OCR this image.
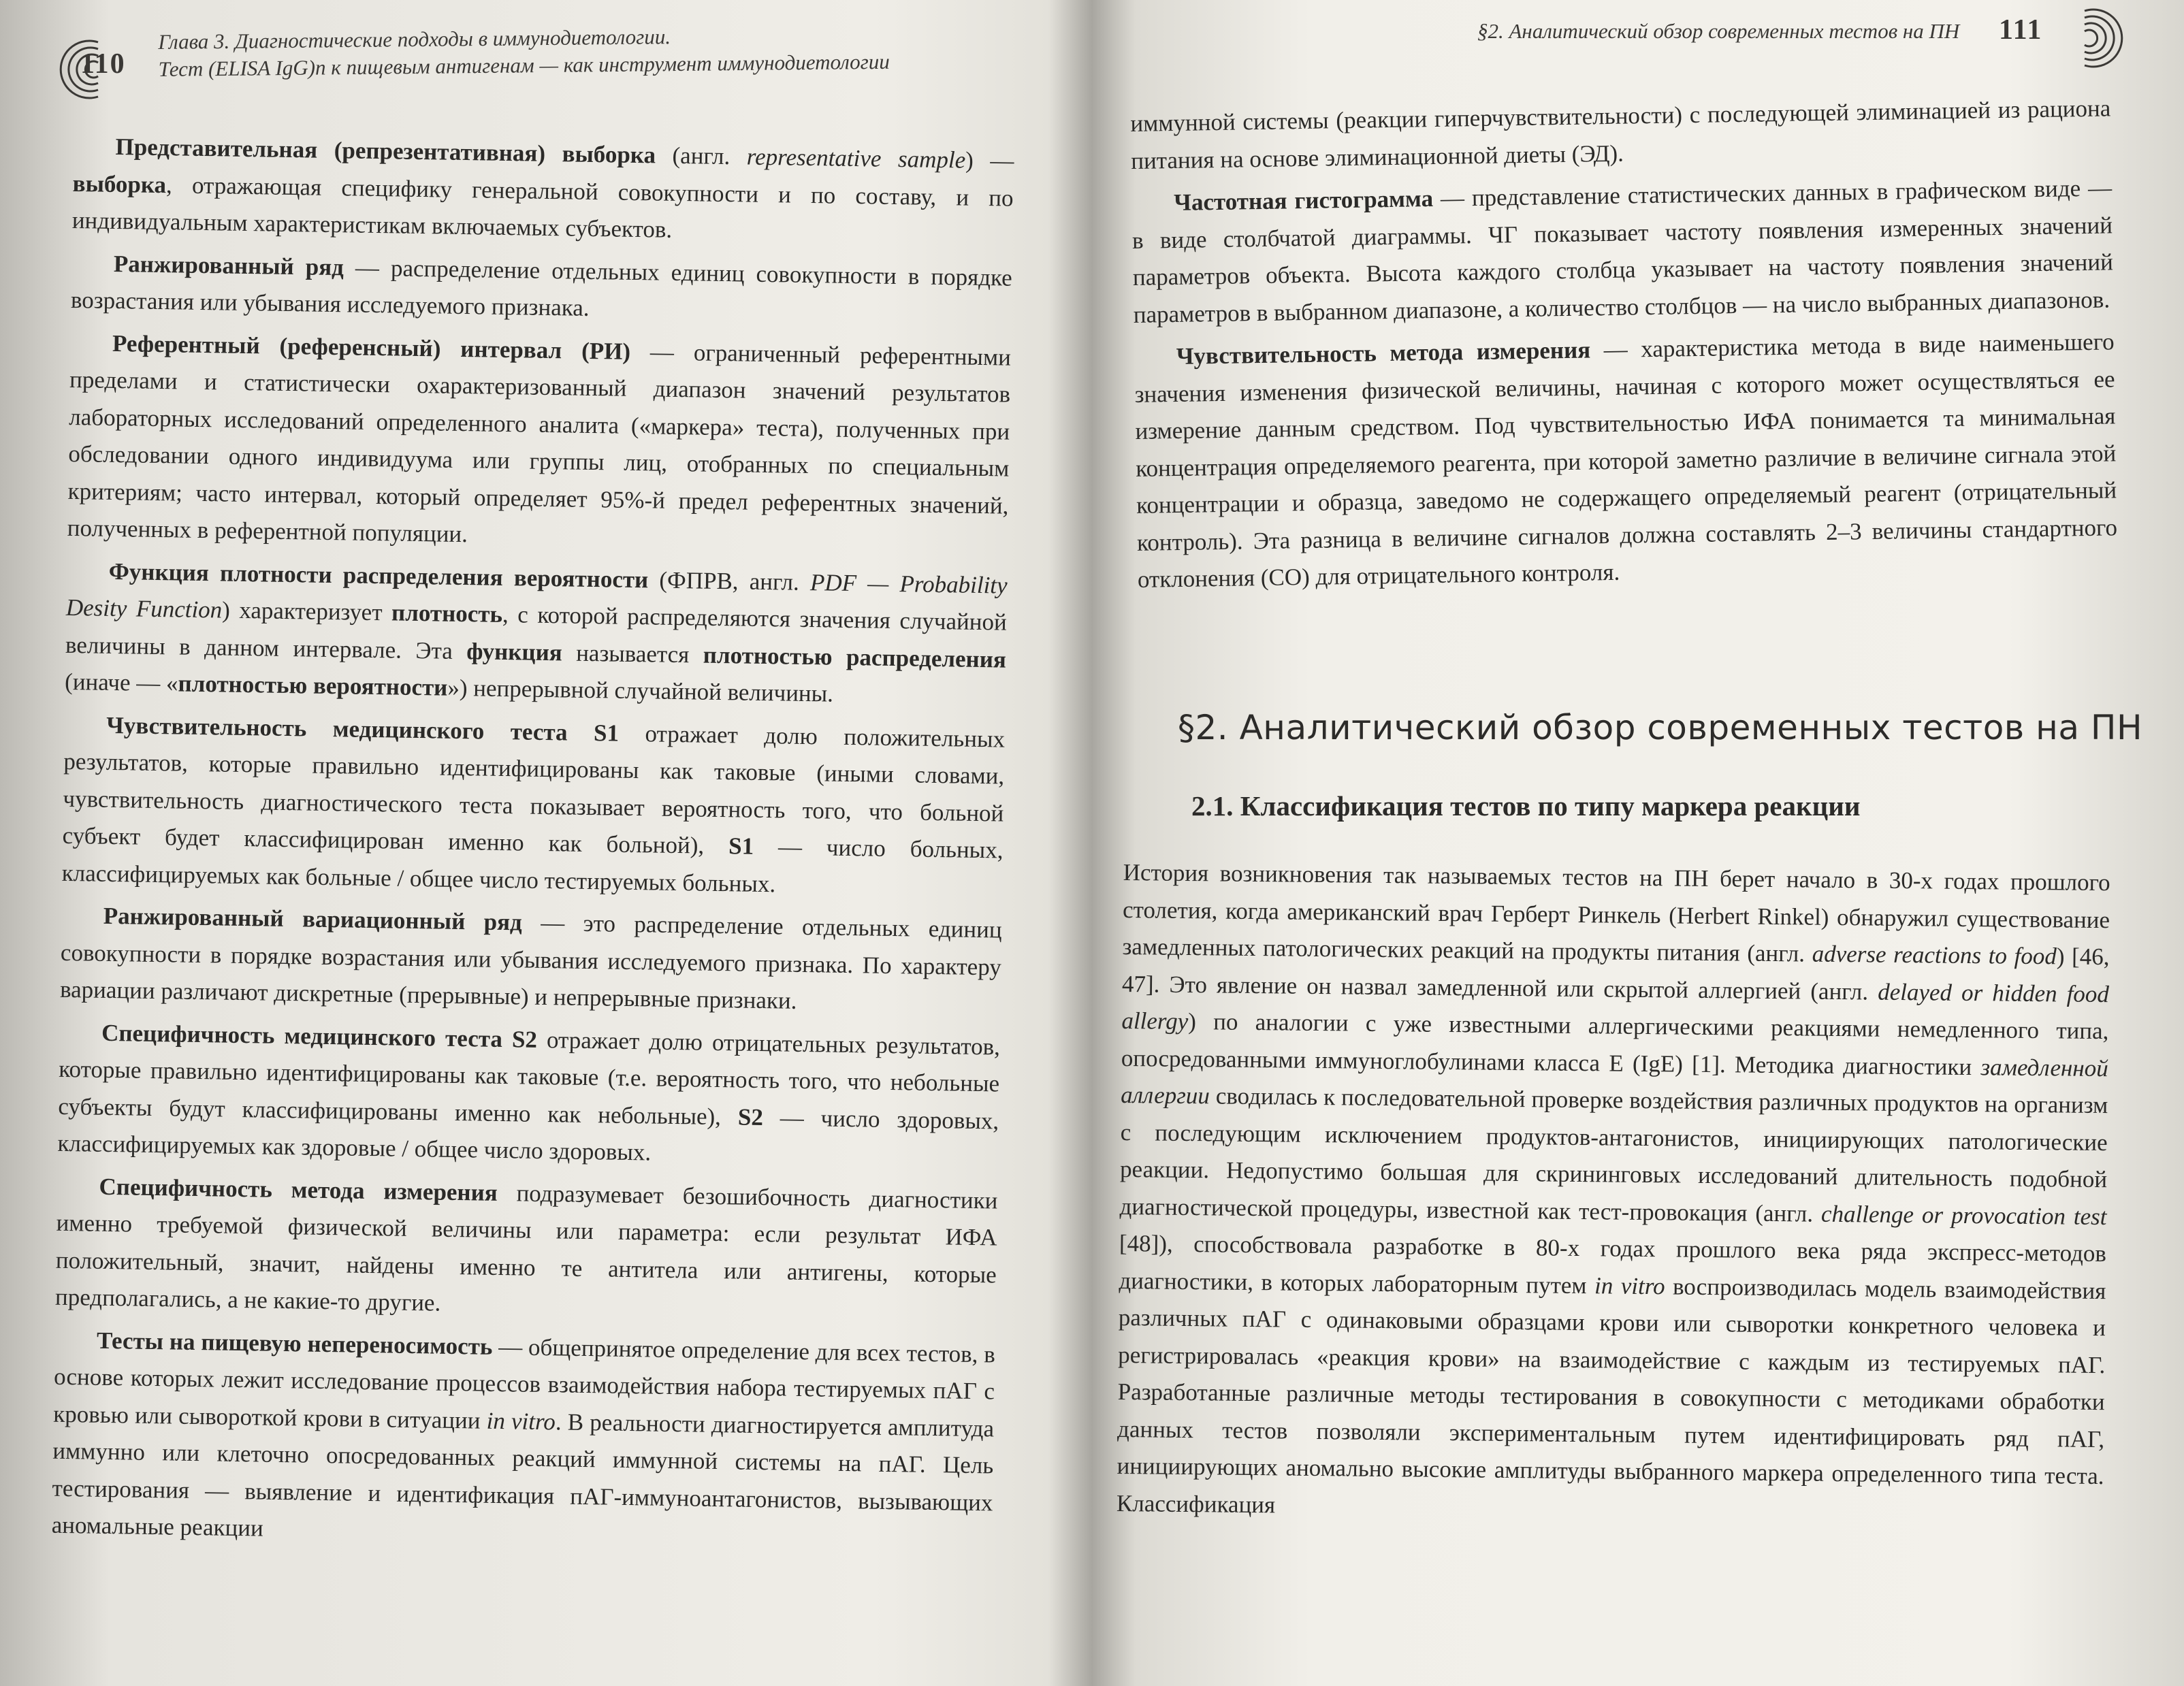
110
Глава 3. Диагностические подходы в иммунодиетологии.
Тест (ELISA IgG)n к пищевым антигенам — как инструмент иммунодиетологии

Представительная (репрезентативная) выборка (англ. representative sample) — выборка, отражающая специфику генеральной совокупности и по составу, и по индивидуальным характеристикам включаемых субъектов.

Ранжированный ряд — распределение отдельных единиц совокупности в порядке возрастания или убывания исследуемого признака.

Референтный (референсный) интервал (РИ) — ограниченный референтными пределами и статистически охарактеризованный диапазон значений результатов лабораторных исследований определенного аналита («маркера» теста), полученных при обследовании одного индивидуума или группы лиц, отобранных по специальным критериям; часто интервал, который определяет 95%-й предел референтных значений, полученных в референтной популяции.

Функция плотности распределения вероятности (ФПРВ, англ. PDF — Probability Desity Function) характеризует плотность, с которой распределяются значения случайной величины в данном интервале. Эта функция называется плотностью распределения (иначе — «плотностью вероятности») непрерывной случайной величины.

Чувствительность медицинского теста S1 отражает долю положительных результатов, которые правильно идентифицированы как таковые (иными словами, чувствительность диагностического теста показывает вероятность того, что больной субъект будет классифицирован именно как больной), S1 — число больных, классифицируемых как больные / общее число тестируемых больных.

Ранжированный вариационный ряд — это распределение отдельных единиц совокупности в порядке возрастания или убывания исследуемого признака. По характеру вариации различают дискретные (прерывные) и непрерывные признаки.

Специфичность медицинского теста S2 отражает долю отрицательных результатов, которые правильно идентифицированы как таковые (т.е. вероятность того, что небольные субъекты будут классифицированы именно как небольные), S2 — число здоровых, классифицируемых как здоровые / общее число здоровых.

Специфичность метода измерения подразумевает безошибочность диагностики именно требуемой физической величины или параметра: если результат ИФА положительный, значит, найдены именно те антитела или антигены, которые предполагались, а не какие-то другие.

Тесты на пищевую непереносимость — общепринятое определение для всех тестов, в основе которых лежит исследование процессов взаимодействия набора тестируемых пАГ с кровью или сывороткой крови в ситуации in vitro. В реальности диагностируется амплитуда иммунно или клеточно опосредованных реакций иммунной системы на пАГ. Цель тестирования — выявление и идентификация пАГ-иммуноантагонистов, вызывающих аномальные реакции

§2. Аналитический обзор современных тестов на ПН 111

иммунной системы (реакции гиперчувствительности) с последующей элиминацией из рациона питания на основе элиминационной диеты (ЭД).

Частотная гистограмма — представление статистических данных в графическом виде — в виде столбчатой диаграммы. ЧГ показывает частоту появления измеренных значений параметров объекта. Высота каждого столбца указывает на частоту появления значений параметров в выбранном диапазоне, а количество столбцов — на число выбранных диапазонов.

Чувствительность метода измерения — характеристика метода в виде наименьшего значения изменения физической величины, начиная с которого может осуществляться ее измерение данным средством. Под чувствительностью ИФА понимается та минимальная концентрация определяемого реагента, при которой заметно различие в величине сигнала этой концентрации и образца, заведомо не содержащего определяемый реагент (отрицательный контроль). Эта разница в величине сигналов должна составлять 2–3 величины стандартного отклонения (СО) для отрицательного контроля.

§2. Аналитический обзор современных тестов на ПН
2.1. Классификация тестов по типу маркера реакции

История возникновения так называемых тестов на ПН берет начало в 30-х годах прошлого столетия, когда американский врач Герберт Ринкель (Herbert Rinkel) обнаружил существование замедленных патологических реакций на продукты питания (англ. adverse reactions to food) [46, 47]. Это явление он назвал замедленной или скрытой аллергией (англ. delayed or hidden food allergy) по аналогии с уже известными аллергическими реакциями немедленного типа, опосредованными иммуноглобулинами класса E (IgE) [1]. Методика диагностики замедленной аллергии сводилась к последовательной проверке воздействия различных продуктов на организм с последующим исключением продуктов-антагонистов, инициирующих патологические реакции. Недопустимо большая для скрининговых исследований длительность подобной диагностической процедуры, известной как тест-провокация (англ. challenge or provocation test [48]), способствовала разработке в 80-х годах прошлого века ряда экспресс-методов диагностики, в которых лабораторным путем in vitro воспроизводилась модель взаимодействия различных пАГ с одинаковыми образцами крови или сыворотки конкретного человека и регистрировалась «реакция крови» на взаимодействие с каждым из тестируемых пАГ. Разработанные различные методы тестирования в совокупности с методиками обработки данных тестов позволяли экспериментальным путем идентифицировать ряд пАГ, инициирующих аномально высокие амплитуды выбранного маркера определенного типа теста. Классификация
